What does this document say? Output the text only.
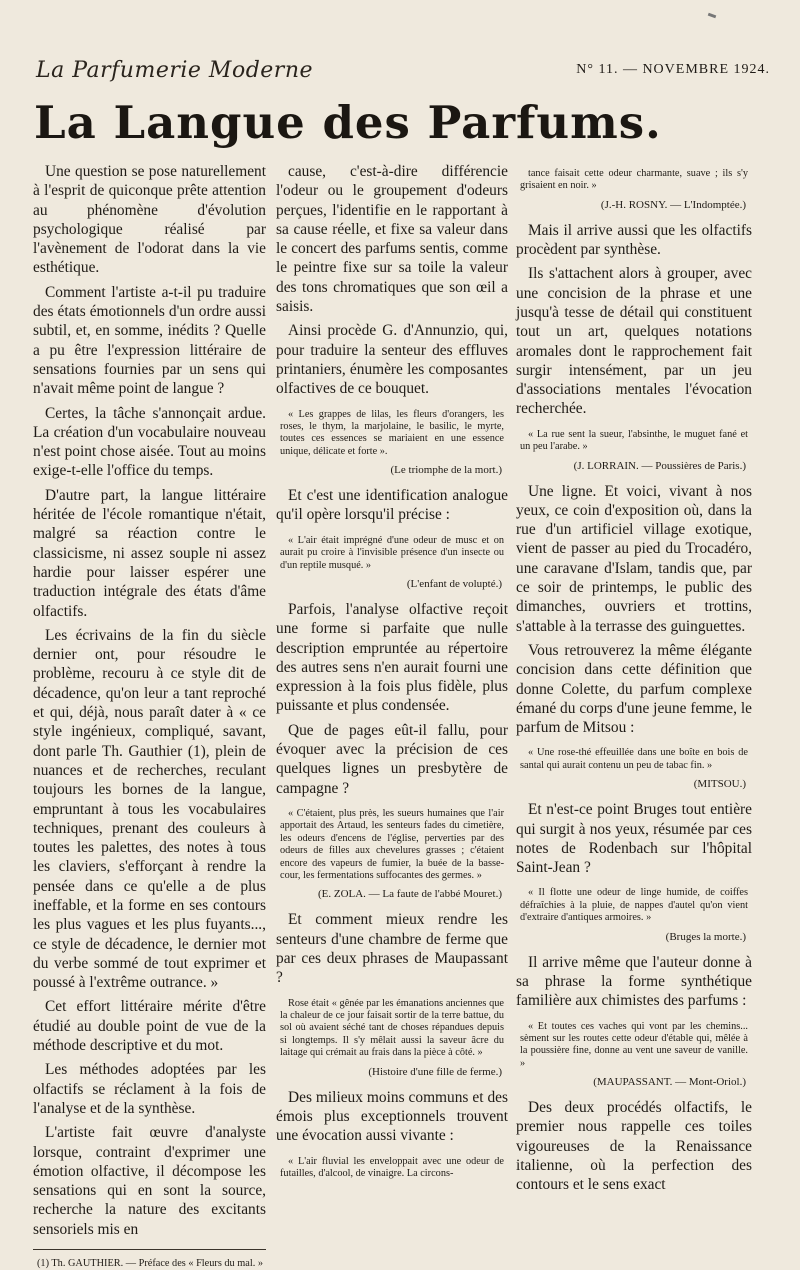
La Parfumerie Moderne	N° 11. — NOVEMBRE 1924.
La Langue des Parfums.

Une question se pose naturellement à l'esprit de quiconque prête attention au phénomène d'évolution psychologique réalisé par l'avènement de l'odorat dans la vie esthétique.

Comment l'artiste a-t-il pu traduire des états émotionnels d'un ordre aussi subtil, et, en somme, inédits ? Quelle a pu être l'expression littéraire de sensations fournies par un sens qui n'avait même point de langue ?

Certes, la tâche s'annonçait ardue. La création d'un vocabulaire nouveau n'est point chose aisée. Tout au moins exige-t-elle l'office du temps.

D'autre part, la langue littéraire héritée de l'école romantique n'était, malgré sa réaction contre le classicisme, ni assez souple ni assez hardie pour laisser espérer une traduction intégrale des états d'âme olfactifs.

Les écrivains de la fin du siècle dernier ont, pour résoudre le problème, recouru à ce style dit de décadence, qu'on leur a tant reproché et qui, déjà, nous paraît dater à « ce style ingénieux, compliqué, savant, dont parle Th. Gauthier (1), plein de nuances et de recherches, reculant toujours les bornes de la langue, empruntant à tous les vocabulaires techniques, prenant des couleurs à toutes les palettes, des notes à tous les claviers, s'efforçant à rendre la pensée dans ce qu'elle a de plus ineffable, et la forme en ses contours les plus vagues et les plus fuyants..., ce style de décadence, le dernier mot du verbe sommé de tout exprimer et poussé à l'extrême outrance. »

Cet effort littéraire mérite d'être étudié au double point de vue de la méthode descriptive et du mot.

Les méthodes adoptées par les olfactifs se réclament à la fois de l'analyse et de la synthèse.

L'artiste fait œuvre d'analyste lorsque, contraint d'exprimer une émotion olfactive, il décompose les sensations qui en sont la source, recherche la nature des excitants sensoriels mis en

(1) Th. GAUTHIER. — Préface des « Fleurs du mal. »

cause, c'est-à-dire différencie l'odeur ou le groupement d'odeurs perçues, l'identifie en le rapportant à sa cause réelle, et fixe sa valeur dans le concert des parfums sentis, comme le peintre fixe sur sa toile la valeur des tons chromatiques que son œil a saisis.

Ainsi procède G. d'Annunzio, qui, pour traduire la senteur des effluves printaniers, énumère les composantes olfactives de ce bouquet.

« Les grappes de lilas, les fleurs d'orangers, les roses, le thym, la marjolaine, le basilic, le myrte, toutes ces essences se mariaient en une essence unique, délicate et forte ».

(Le triomphe de la mort.)

Et c'est une identification analogue qu'il opère lorsqu'il précise :

« L'air était imprégné d'une odeur de musc et on aurait pu croire à l'invisible présence d'un insecte ou d'un reptile musqué. »

(L'enfant de volupté.)

Parfois, l'analyse olfactive reçoit une forme si parfaite que nulle description empruntée au répertoire des autres sens n'en aurait fourni une expression à la fois plus fidèle, plus puissante et plus condensée.

Que de pages eût-il fallu, pour évoquer avec la précision de ces quelques lignes un presbytère de campagne ?

« C'étaient, plus près, les sueurs humaines que l'air apportait des Artaud, les senteurs fades du cimetière, les odeurs d'encens de l'église, perverties par des odeurs de filles aux chevelures grasses ; c'étaient encore des vapeurs de fumier, la buée de la basse-cour, les fermentations suffocantes des germes. »

(E. ZOLA. — La faute de l'abbé Mouret.)

Et comment mieux rendre les senteurs d'une chambre de ferme que par ces deux phrases de Maupassant ?

Rose était « gênée par les émanations anciennes que la chaleur de ce jour faisait sortir de la terre battue, du sol où avaient séché tant de choses répandues depuis si longtemps. Il s'y mêlait aussi la saveur âcre du laitage qui crémait au frais dans la pièce à côté. »

(Histoire d'une fille de ferme.)

Des milieux moins communs et des émois plus exceptionnels trouvent une évocation aussi vivante :

« L'air fluvial les enveloppait avec une odeur de futailles, d'alcool, de vinaigre. La circons-

tance faisait cette odeur charmante, suave ; ils s'y grisaient en noir. »

(J.-H. ROSNY. — L'Indomptée.)

Mais il arrive aussi que les olfactifs procèdent par synthèse.

Ils s'attachent alors à grouper, avec une concision de la phrase et une jusqu'à tesse de détail qui constituent tout un art, quelques notations aromales dont le rapprochement fait surgir intensément, par un jeu d'associations mentales l'évocation recherchée.

« La rue sent la sueur, l'absinthe, le muguet fané et un peu l'arabe. »

(J. LORRAIN. — Poussières de Paris.)

Une ligne. Et voici, vivant à nos yeux, ce coin d'exposition où, dans la rue d'un artificiel village exotique, vient de passer au pied du Trocadéro, une caravane d'Islam, tandis que, par ce soir de printemps, le public des dimanches, ouvriers et trottins, s'attable à la terrasse des guinguettes.

Vous retrouverez la même élégante concision dans cette définition que donne Colette, du parfum complexe émané du corps d'une jeune femme, le parfum de Mitsou :

« Une rose-thé effeuillée dans une boîte en bois de santal qui aurait contenu un peu de tabac fin. »

(MITSOU.)

Et n'est-ce point Bruges tout entière qui surgit à nos yeux, résumée par ces notes de Rodenbach sur l'hôpital Saint-Jean ?

« Il flotte une odeur de linge humide, de coiffes défraîchies à la pluie, de nappes d'autel qu'on vient d'extraire d'antiques armoires. »

(Bruges la morte.)

Il arrive même que l'auteur donne à sa phrase la forme synthétique familière aux chimistes des parfums :

« Et toutes ces vaches qui vont par les chemins... sèment sur les routes cette odeur d'étable qui, mêlée à la poussière fine, donne au vent une saveur de vanille. »

(MAUPASSANT. — Mont-Oriol.)

Des deux procédés olfactifs, le premier nous rappelle ces toiles vigoureuses de la Renaissance italienne, où la perfection des contours et le sens exact
